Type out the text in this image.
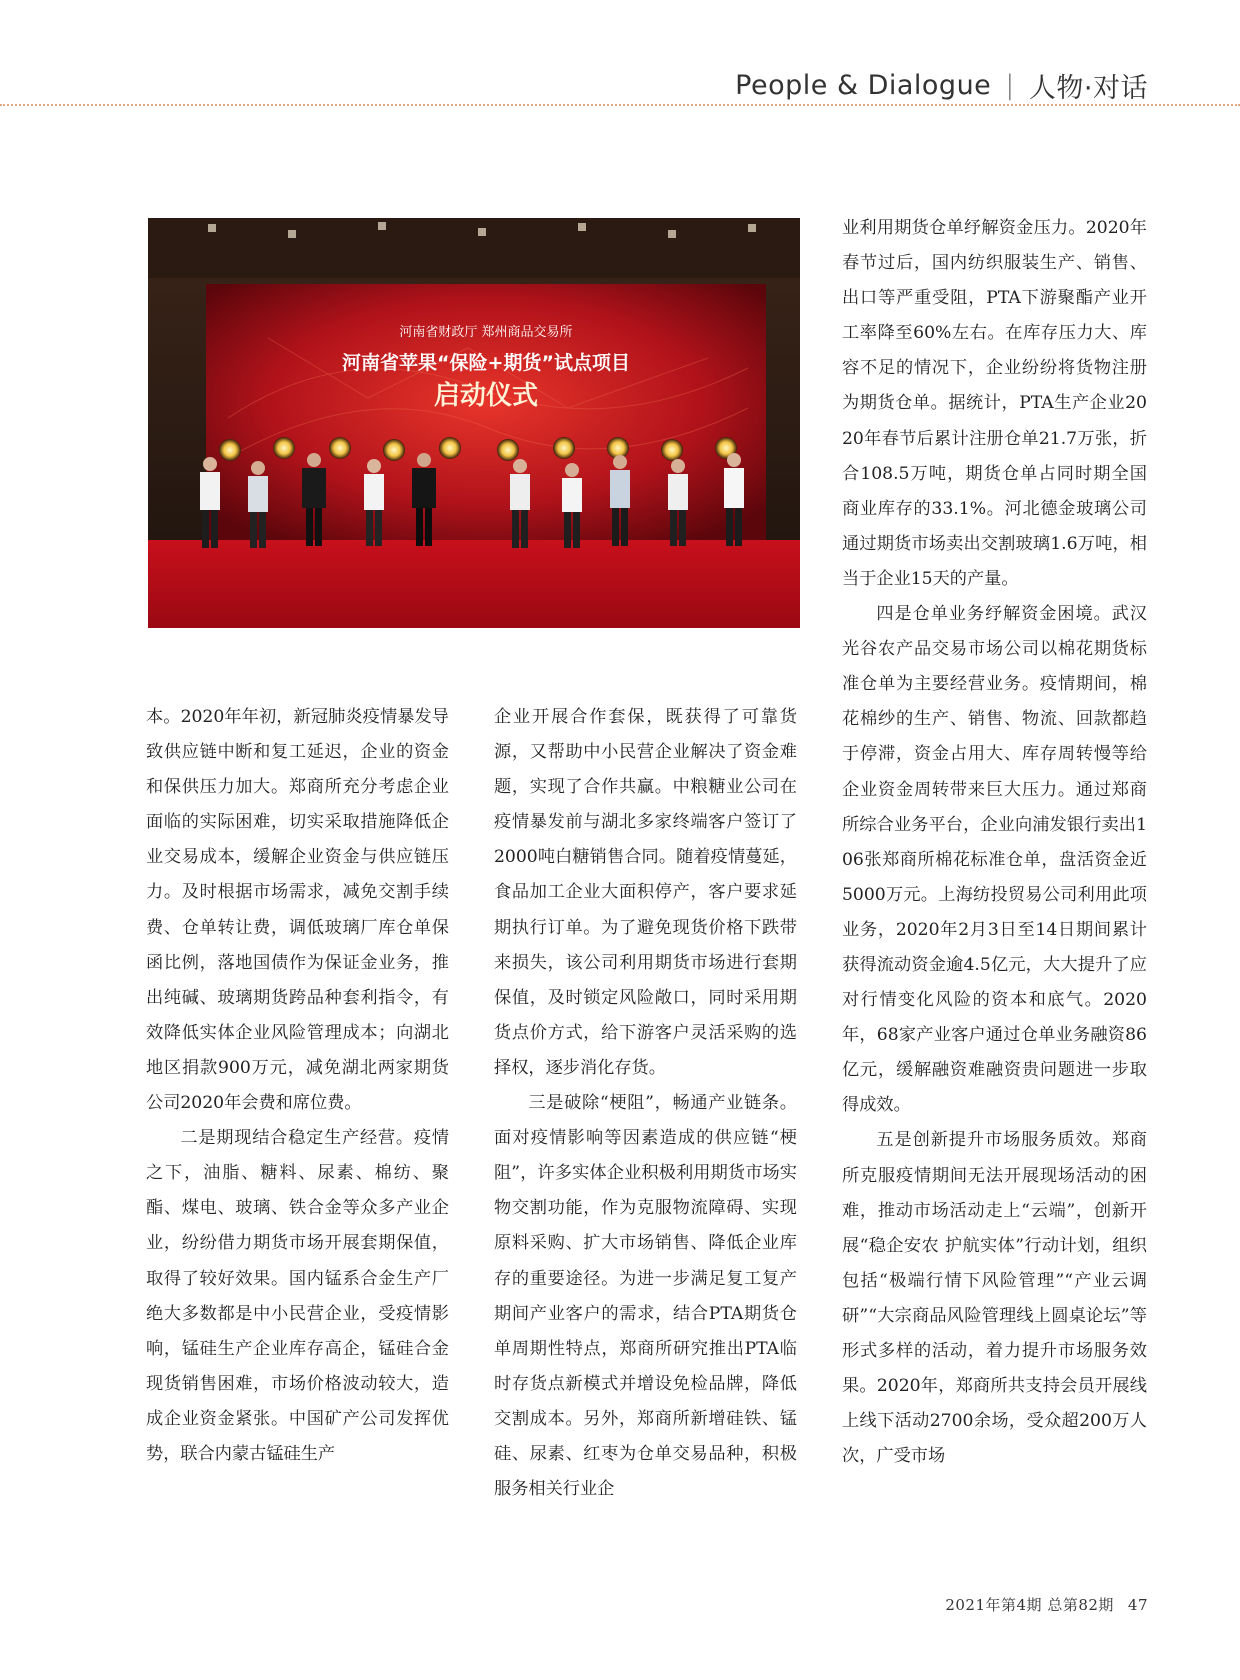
People & Dialogue | 人物·对话
河南省财政厅 郑州商品交易所
河南省苹果“保险+期货”试点项目
启动仪式

本。2020年年初，新冠肺炎疫情暴发导致供应链中断和复工延迟，企业的资金和保供压力加大。郑商所充分考虑企业面临的实际困难，切实采取措施降低企业交易成本，缓解企业资金与供应链压力。及时根据市场需求，减免交割手续费、仓单转让费，调低玻璃厂库仓单保函比例，落地国债作为保证金业务，推出纯碱、玻璃期货跨品种套利指令，有效降低实体企业风险管理成本；向湖北地区捐款900万元，减免湖北两家期货公司2020年会费和席位费。

二是期现结合稳定生产经营。疫情之下，油脂、糖料、尿素、棉纺、聚酯、煤电、玻璃、铁合金等众多产业企业，纷纷借力期货市场开展套期保值，取得了较好效果。国内锰系合金生产厂绝大多数都是中小民营企业，受疫情影响，锰硅生产企业库存高企，锰硅合金现货销售困难，市场价格波动较大，造成企业资金紧张。中国矿产公司发挥优势，联合内蒙古锰硅生产

企业开展合作套保，既获得了可靠货源，又帮助中小民营企业解决了资金难题，实现了合作共赢。中粮糖业公司在疫情暴发前与湖北多家终端客户签订了2000吨白糖销售合同。随着疫情蔓延，食品加工企业大面积停产，客户要求延期执行订单。为了避免现货价格下跌带来损失，该公司利用期货市场进行套期保值，及时锁定风险敞口，同时采用期货点价方式，给下游客户灵活采购的选择权，逐步消化存货。

三是破除“梗阻”，畅通产业链条。面对疫情影响等因素造成的供应链“梗阻”，许多实体企业积极利用期货市场实物交割功能，作为克服物流障碍、实现原料采购、扩大市场销售、降低企业库存的重要途径。为进一步满足复工复产期间产业客户的需求，结合PTA期货仓单周期性特点，郑商所研究推出PTA临时存货点新模式并增设免检品牌，降低交割成本。另外，郑商所新增硅铁、锰硅、尿素、红枣为仓单交易品种，积极服务相关行业企

业利用期货仓单纾解资金压力。2020年春节过后，国内纺织服装生产、销售、出口等严重受阻，PTA下游聚酯产业开工率降至60%左右。在库存压力大、库容不足的情况下，企业纷纷将货物注册为期货仓单。据统计，PTA生产企业2020年春节后累计注册仓单21.7万张，折合108.5万吨，期货仓单占同时期全国商业库存的33.1%。河北德金玻璃公司通过期货市场卖出交割玻璃1.6万吨，相当于企业15天的产量。

四是仓单业务纾解资金困境。武汉光谷农产品交易市场公司以棉花期货标准仓单为主要经营业务。疫情期间，棉花棉纱的生产、销售、物流、回款都趋于停滞，资金占用大、库存周转慢等给企业资金周转带来巨大压力。通过郑商所综合业务平台，企业向浦发银行卖出106张郑商所棉花标准仓单，盘活资金近5000万元。上海纺投贸易公司利用此项业务，2020年2月3日至14日期间累计获得流动资金逾4.5亿元，大大提升了应对行情变化风险的资本和底气。2020年，68家产业客户通过仓单业务融资86亿元，缓解融资难融资贵问题进一步取得成效。

五是创新提升市场服务质效。郑商所克服疫情期间无法开展现场活动的困难，推动市场活动走上“云端”，创新开展“稳企安农 护航实体”行动计划，组织包括“极端行情下风险管理”“产业云调研”“大宗商品风险管理线上圆桌论坛”等形式多样的活动，着力提升市场服务效果。2020年，郑商所共支持会员开展线上线下活动2700余场，受众超200万人次，广受市场

2021年第4期 总第82期 47
